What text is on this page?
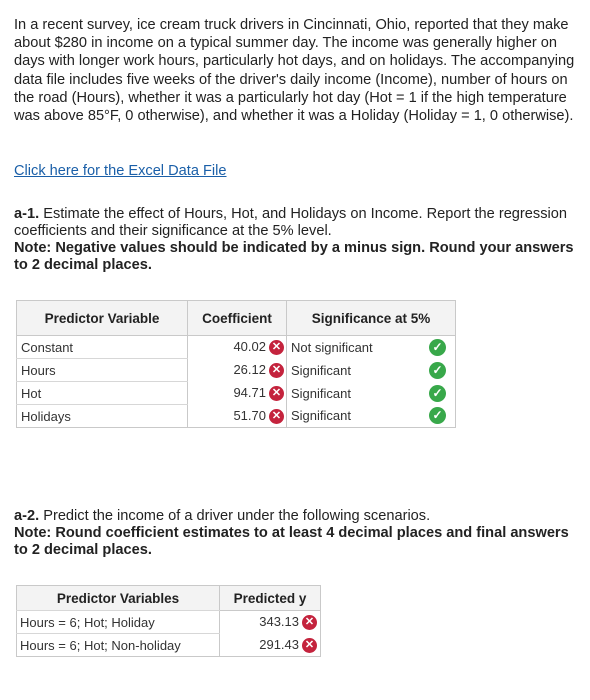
In a recent survey, ice cream truck drivers in Cincinnati, Ohio, reported that they make about $280 in income on a typical summer day. The income was generally higher on days with longer work hours, particularly hot days, and on holidays. The accompanying data file includes five weeks of the driver's daily income (Income), number of hours on the road (Hours), whether it was a particularly hot day (Hot = 1 if the high temperature was above 85°F, 0 otherwise), and whether it was a Holiday (Holiday = 1, 0 otherwise).
Click here for the Excel Data File
a-1. Estimate the effect of Hours, Hot, and Holidays on Income. Report the regression coefficients and their significance at the 5% level.
Note: Negative values should be indicated by a minus sign. Round your answers to 2 decimal places.
Predictor Variable	Coefficient	Significance at 5%	
Constant	40.02 ✕	Not significant	✓
Hours	26.12 ✕	Significant	✓
Hot	94.71 ✕	Significant	✓
Holidays	51.70 ✕	Significant	✓
a-2. Predict the income of a driver under the following scenarios.
Note: Round coefficient estimates to at least 4 decimal places and final answers to 2 decimal places.
Predictor Variables	Predicted y
Hours = 6; Hot; Holiday	343.13 ✕
Hours = 6; Hot; Non-holiday	291.43 ✕
